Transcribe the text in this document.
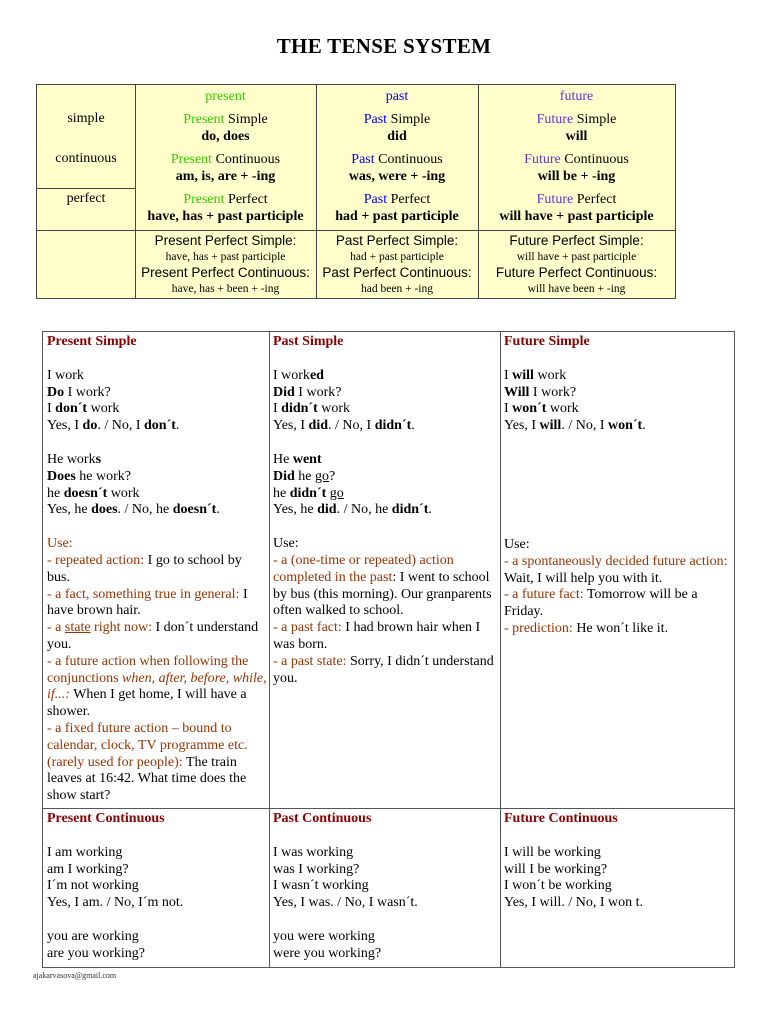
THE TENSE SYSTEM
present	past	future
simple
continuous
perfect
Present Simple
do, does
Past Simple
did
Future Simple
will
Present Continuous
am, is, are + -ing
Past Continuous
was, were + -ing
Future Continuous
will be + -ing
Present Perfect
have, has + past participle
Past Perfect
had + past participle
Future Perfect
will have + past participle
Present Perfect Simple:
have, has + past participle
Present Perfect Continuous:
have, has + been + -ing
Past Perfect Simple:
had + past participle
Past Perfect Continuous:
had been + -ing
Future Perfect Simple:
will have + past participle
Future Perfect Continuous:
will have been + -ing

Present Simple

I work

Do I work?

I don´t work

Yes, I do. / No, I don´t.

He works

Does he work?

he doesn´t work

Yes, he does. / No, he doesn´t.

Use:

- repeated action: I go to school by bus.

- a fact, something true in general: I have brown hair.

- a state right now: I don´t understand you.

- a future action when following the conjunctions when, after, before, while, if...: When I get home, I will have a shower.

- a fixed future action – bound to calendar, clock, TV programme etc. (rarely used for people): The train leaves at 16:42. What time does the show start?

Past Simple

I worked

Did I work?

I didn´t work

Yes, I did. / No, I didn´t.

He went

Did he go?

he didn´t go

Yes, he did. / No, he didn´t.

Use:

- a (one-time or repeated) action completed in the past: I went to school by bus (this morning). Our granparents often walked to school.

- a past fact: I had brown hair when I was born.

- a past state: Sorry, I didn´t understand you.

Future Simple

I will work

Will I work?

I won´t work

Yes, I will. / No, I won´t.

Use:

- a spontaneously decided future action: Wait, I will help you with it.

- a future fact: Tomorrow will be a Friday.

- prediction: He won´t like it.

Present Continuous

I am working

am I working?

I´m not working

Yes, I am. / No, I´m not.

you are working

are you working?

Past Continuous

I was working

was I working?

I wasn´t working

Yes, I was. / No, I wasn´t.

you were working

were you working?

Future Continuous

I will be working

will I be working?

I won´t be working

Yes, I will. / No, I won t.

ajakarvasova@gmail.com
